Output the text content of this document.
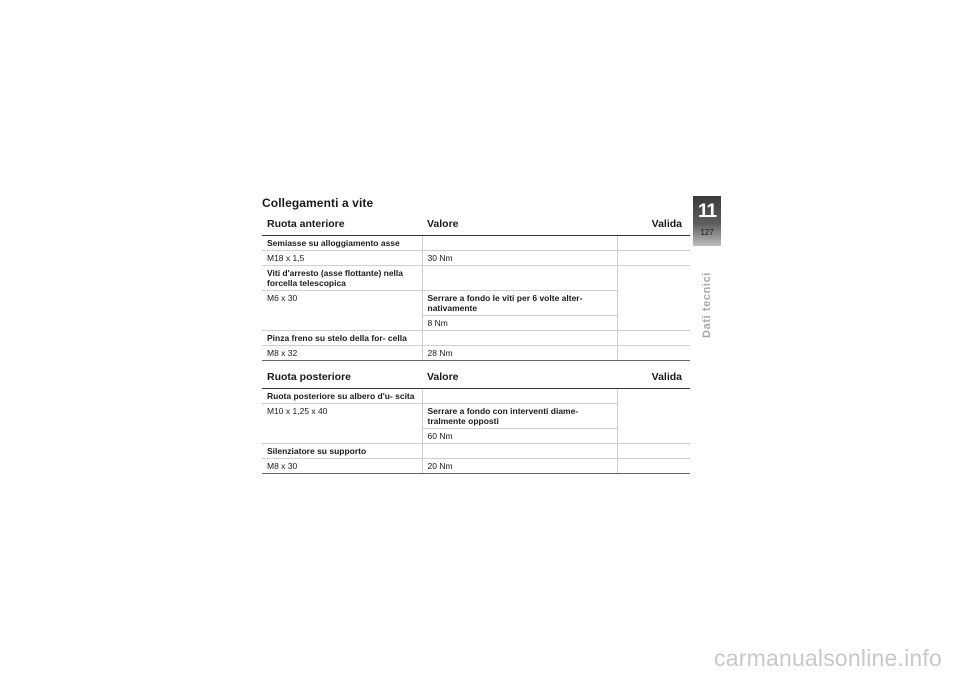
Collegamenti a vite
Ruota anteriore	Valore	Valida
Semiasse su alloggiamento asse		
M18 x 1,5	30 Nm	
Viti d'arresto (asse flottante) nella forcella telescopica		
M6 x 30	Serrare a fondo le viti per 6 volte alter- nativamente	
	8 Nm	
Pinza freno su stelo della for- cella		
M8 x 32	28 Nm	
Ruota posteriore	Valore	Valida
Ruota posteriore su albero d'u- scita		
M10 x 1,25 x 40	Serrare a fondo con interventi diame- tralmente opposti	
	60 Nm	
Silenziatore su supporto		
M8 x 30	20 Nm	
11
127
Dati tecnici
carmanualsonline.info
